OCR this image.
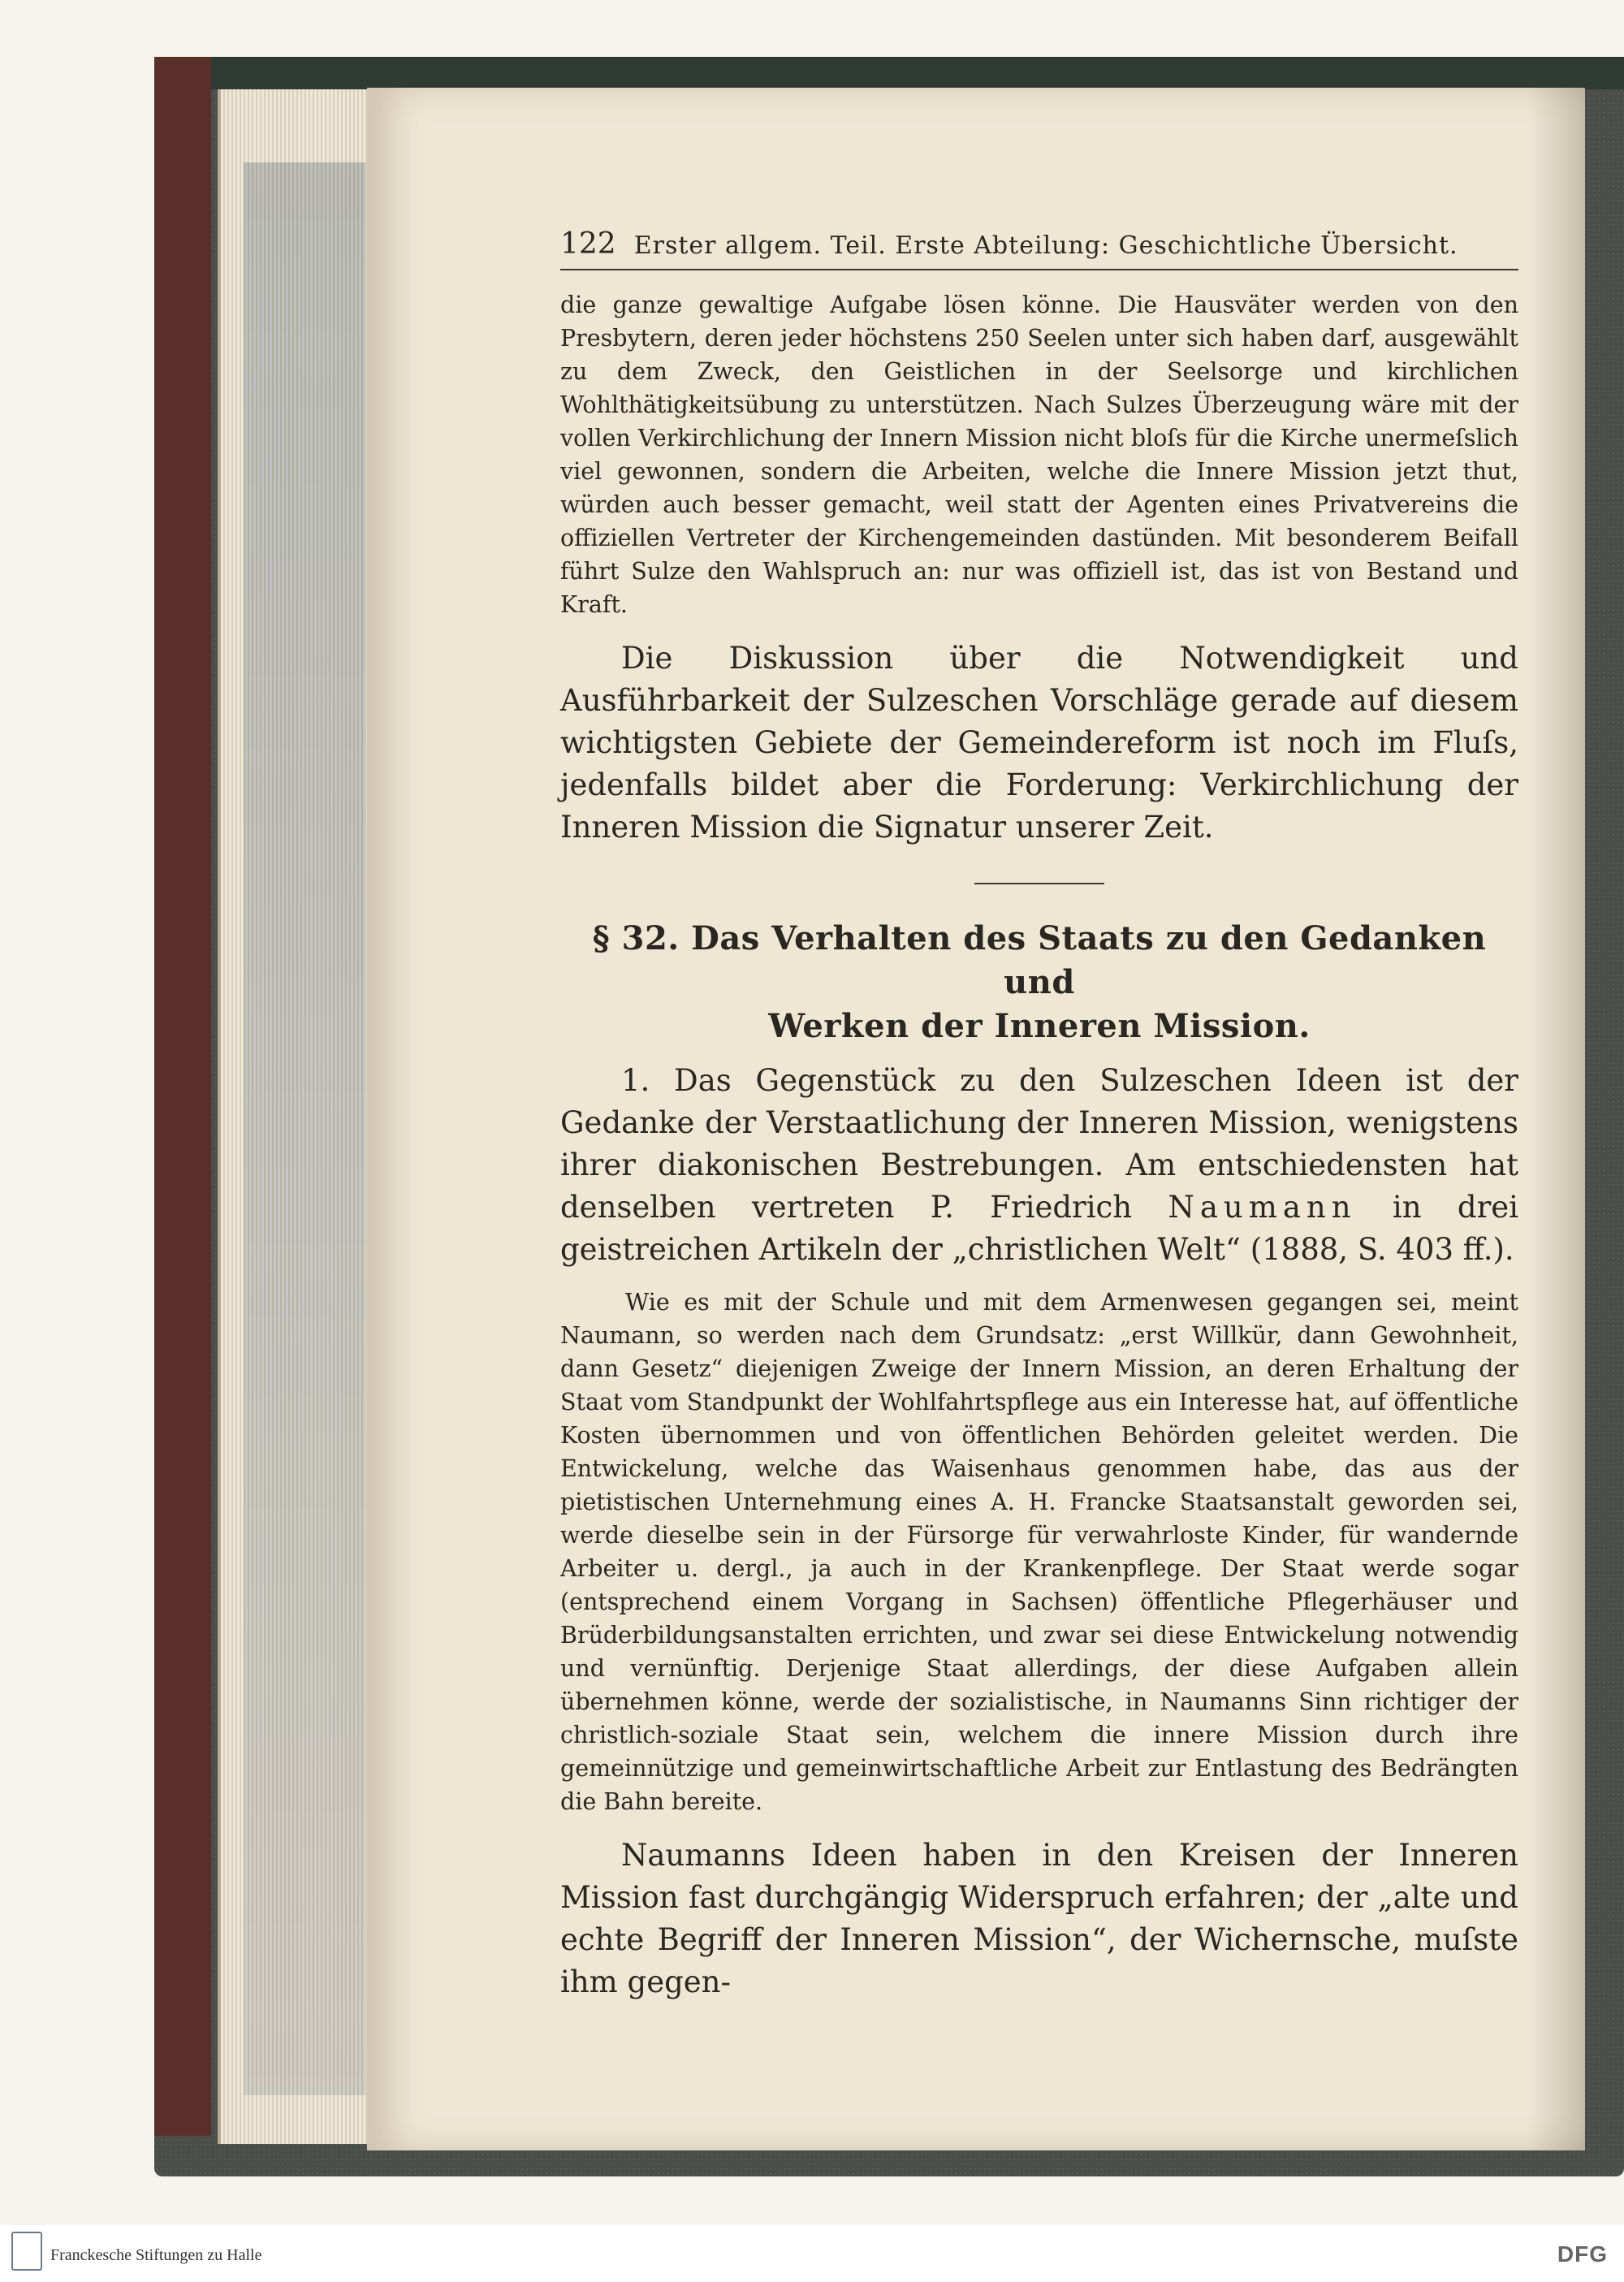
122 Erster allgem. Teil. Erste Abteilung: Geschichtliche Übersicht.

die ganze gewaltige Aufgabe lösen könne. Die Hausväter werden von den Presbytern, deren jeder höchstens 250 Seelen unter sich haben darf, ausgewählt zu dem Zweck, den Geistlichen in der Seelsorge und kirchlichen Wohlthätigkeitsübung zu unterstützen. Nach Sulzes Überzeugung wäre mit der vollen Verkirchlichung der Innern Mission nicht bloſs für die Kirche unermeſslich viel gewonnen, sondern die Arbeiten, welche die Innere Mission jetzt thut, würden auch besser gemacht, weil statt der Agenten eines Privatvereins die offiziellen Vertreter der Kirchengemeinden dastünden. Mit besonderem Beifall führt Sulze den Wahlspruch an: nur was offiziell ist, das ist von Bestand und Kraft.

Die Diskussion über die Notwendigkeit und Ausführbarkeit der Sulzeschen Vorschläge gerade auf diesem wichtigsten Gebiete der Gemeindereform ist noch im Fluſs, jedenfalls bildet aber die Forderung: Verkirchlichung der Inneren Mission die Signatur unserer Zeit.

§ 32. Das Verhalten des Staats zu den Gedanken und
Werken der Inneren Mission.

1. Das Gegenstück zu den Sulzeschen Ideen ist der Gedanke der Verstaatlichung der Inneren Mission, wenigstens ihrer diakonischen Bestrebungen. Am entschiedensten hat denselben vertreten P. Friedrich Naumann in drei geistreichen Artikeln der „christlichen Welt“ (1888, S. 403 ff.).

Wie es mit der Schule und mit dem Armenwesen gegangen sei, meint Naumann, so werden nach dem Grundsatz: „erst Willkür, dann Gewohnheit, dann Gesetz“ diejenigen Zweige der Innern Mission, an deren Erhaltung der Staat vom Standpunkt der Wohlfahrtspflege aus ein Interesse hat, auf öffentliche Kosten übernommen und von öffentlichen Behörden geleitet werden. Die Entwickelung, welche das Waisenhaus genommen habe, das aus der pietistischen Unternehmung eines A. H. Francke Staatsanstalt geworden sei, werde dieselbe sein in der Fürsorge für verwahrloste Kinder, für wandernde Arbeiter u. dergl., ja auch in der Krankenpflege. Der Staat werde sogar (entsprechend einem Vorgang in Sachsen) öffentliche Pflegerhäuser und Brüderbildungsanstalten errichten, und zwar sei diese Entwickelung notwendig und vernünftig. Derjenige Staat allerdings, der diese Aufgaben allein übernehmen könne, werde der sozialistische, in Naumanns Sinn richtiger der christlich-soziale Staat sein, welchem die innere Mission durch ihre gemeinnützige und gemeinwirtschaftliche Arbeit zur Entlastung des Bedrängten die Bahn bereite.

Naumanns Ideen haben in den Kreisen der Inneren Mission fast durchgängig Widerspruch erfahren; der „alte und echte Begriff der Inneren Mission“, der Wichernsche, muſste ihm gegen-

Franckesche Stiftungen zu Halle	DFG
